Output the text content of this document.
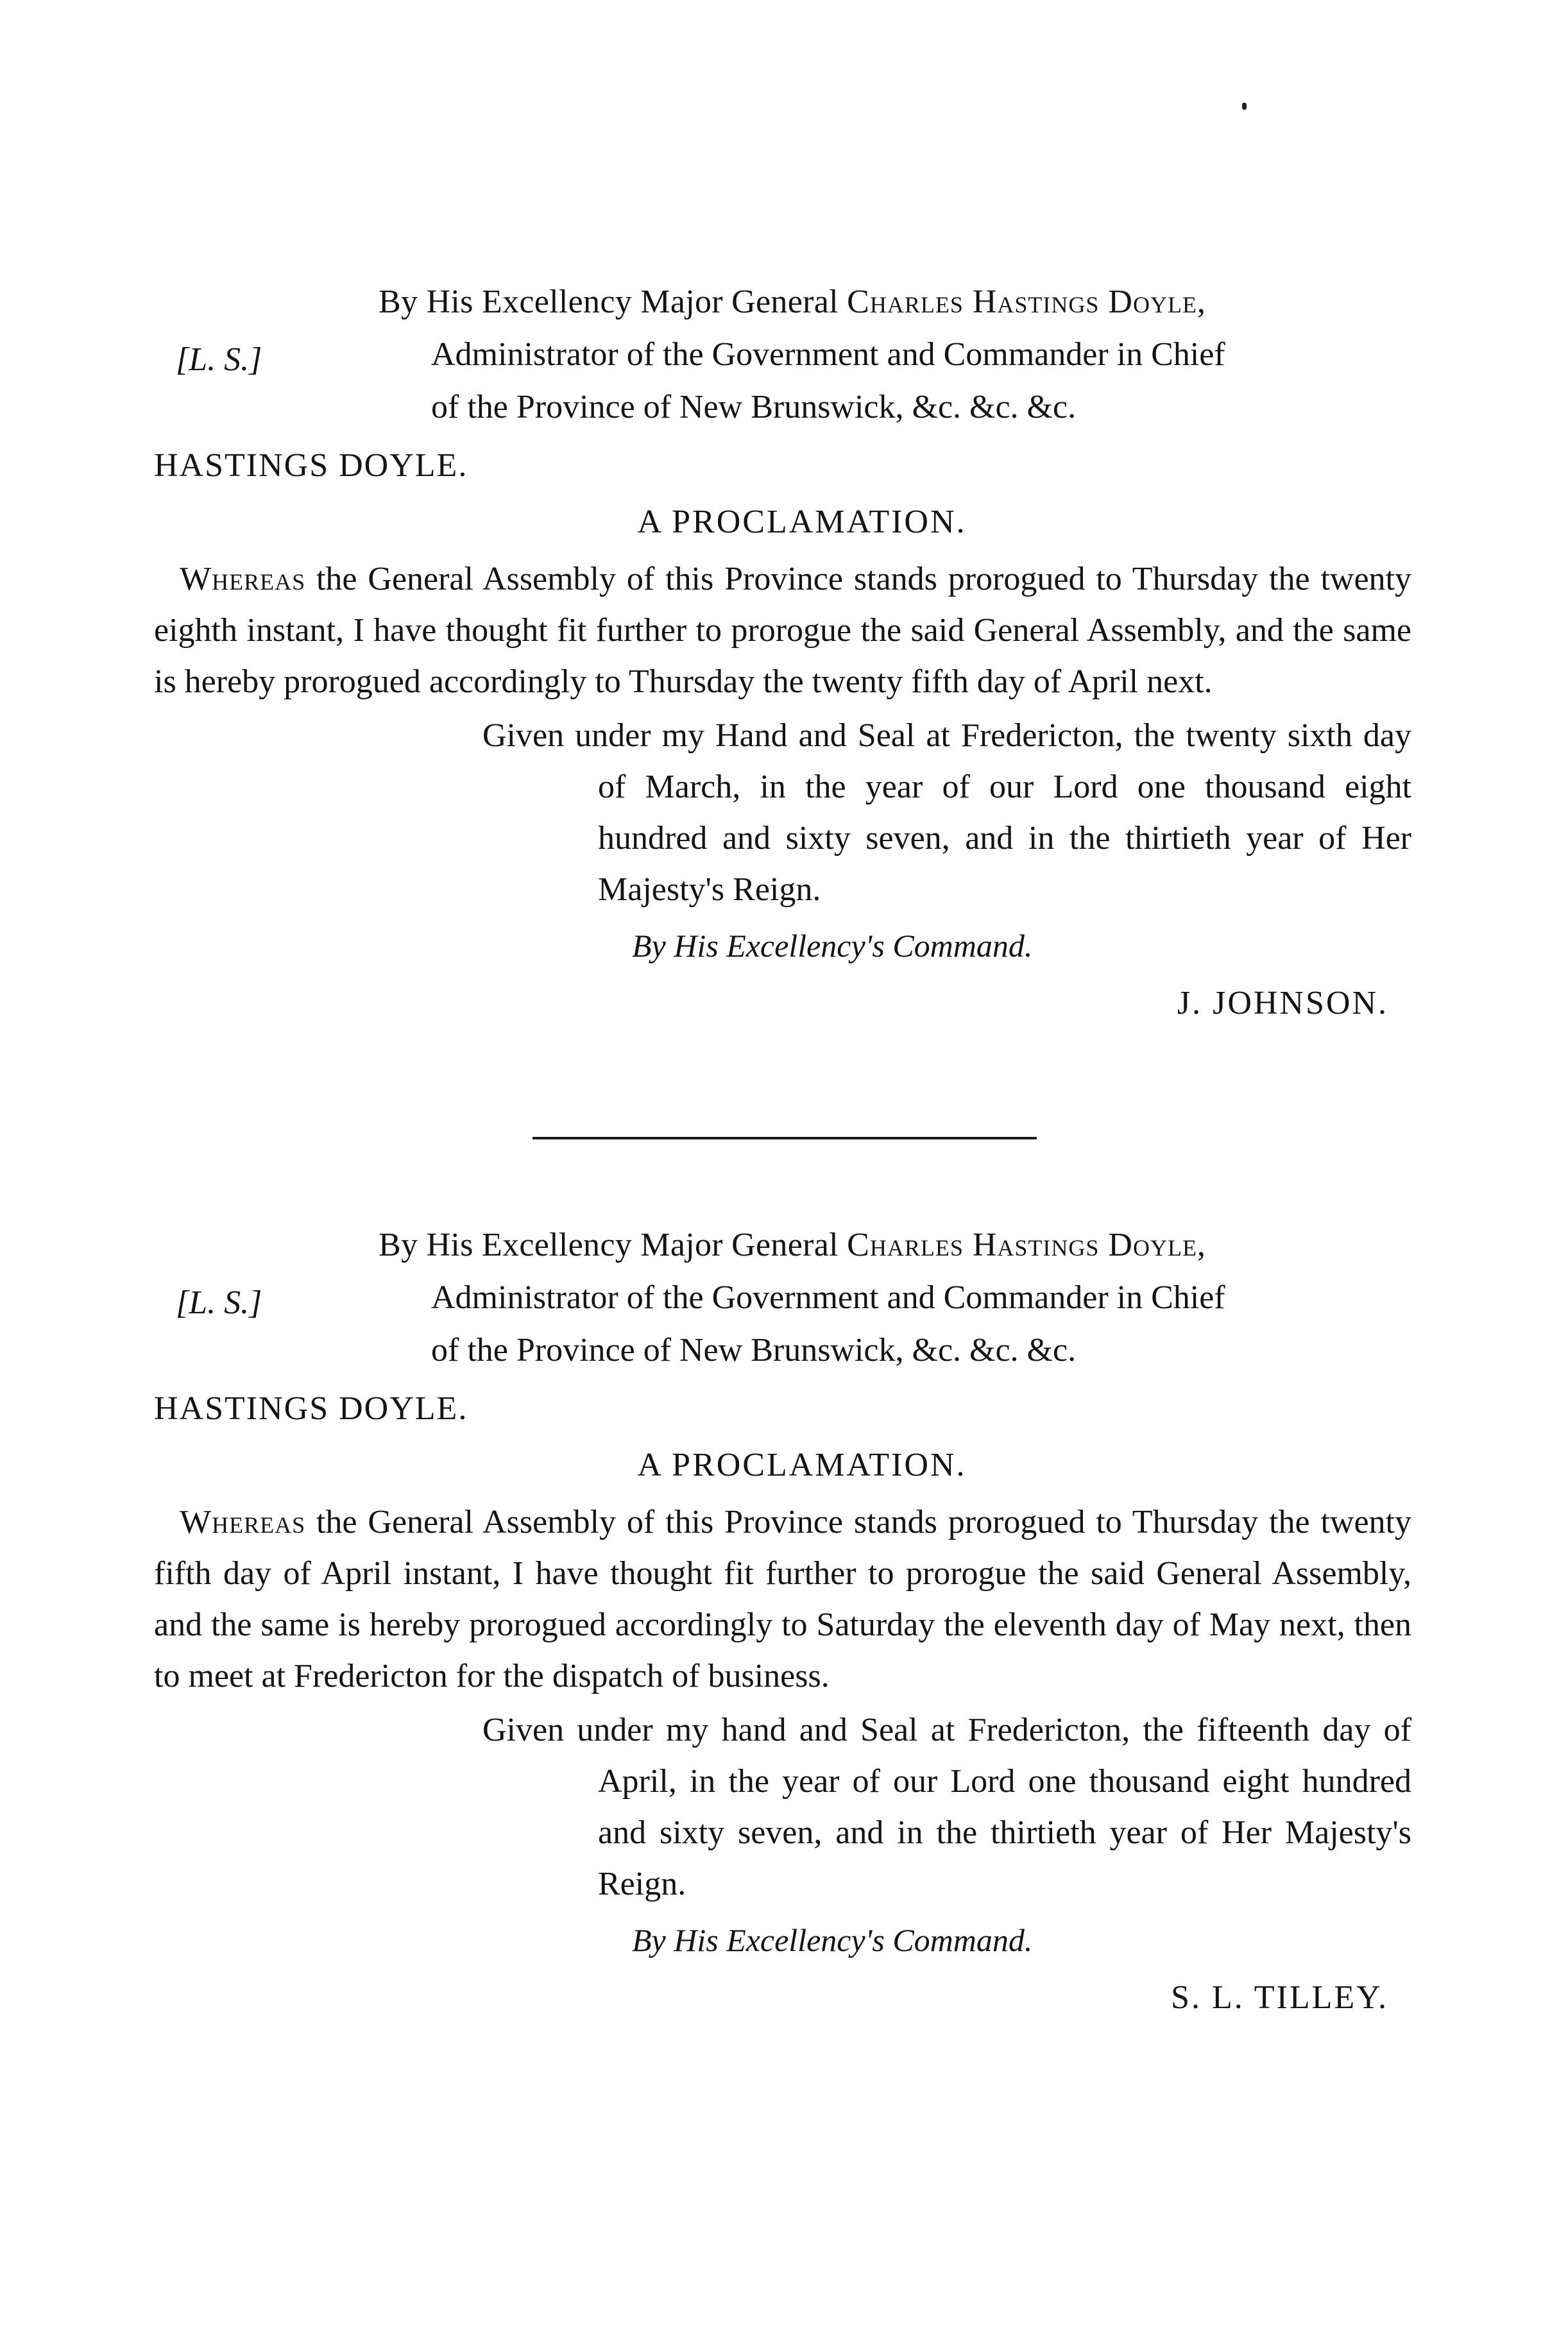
By His Excellency Major General Charles Hastings Doyle,
Administrator of the Government and Commander in Chief
of the Province of New Brunswick, &c. &c. &c.
[L. S.]
HASTINGS DOYLE.
A PROCLAMATION.

Whereas the General Assembly of this Province stands prorogued to Thursday the twenty eighth instant, I have thought fit further to prorogue the said General Assembly, and the same is hereby prorogued accordingly to Thursday the twenty fifth day of April next.

Given under my Hand and Seal at Fredericton, the twenty sixth day of March, in the year of our Lord one thousand eight hundred and sixty seven, and in the thirtieth year of Her Majesty's Reign.

By His Excellency's Command.
J. JOHNSON.
By His Excellency Major General Charles Hastings Doyle,
Administrator of the Government and Commander in Chief
of the Province of New Brunswick, &c. &c. &c.
[L. S.]
HASTINGS DOYLE.
A PROCLAMATION.

Whereas the General Assembly of this Province stands prorogued to Thursday the twenty fifth day of April instant, I have thought fit further to prorogue the said General Assembly, and the same is hereby prorogued accordingly to Saturday the eleventh day of May next, then to meet at Fredericton for the dispatch of business.

Given under my hand and Seal at Fredericton, the fifteenth day of April, in the year of our Lord one thousand eight hundred and sixty seven, and in the thirtieth year of Her Majesty's Reign.

By His Excellency's Command.
S. L. TILLEY.
